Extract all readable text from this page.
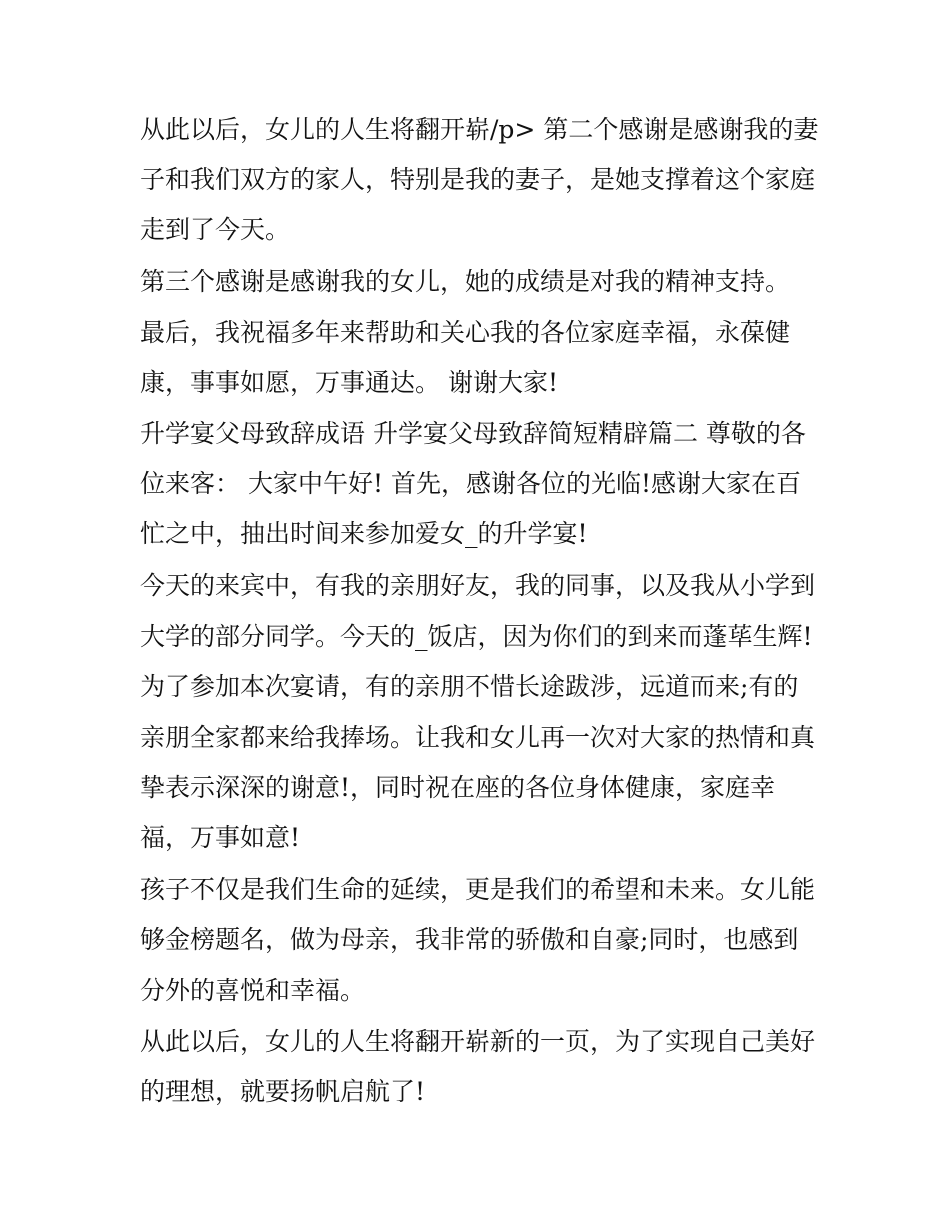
从此以后，女儿的人生将翻开崭/p> 第二个感谢是感谢我的妻
子和我们双方的家人，特别是我的妻子，是她支撑着这个家庭
走到了今天。
第三个感谢是感谢我的女儿，她的成绩是对我的精神支持。
最后，我祝福多年来帮助和关心我的各位家庭幸福，永葆健
康，事事如愿，万事通达。 谢谢大家!
升学宴父母致辞成语 升学宴父母致辞简短精辟篇二 尊敬的各
位来客： 大家中午好! 首先，感谢各位的光临!感谢大家在百
忙之中，抽出时间来参加爱女_的升学宴!
今天的来宾中，有我的亲朋好友，我的同事，以及我从小学到
大学的部分同学。今天的_饭店，因为你们的到来而蓬荜生辉!
为了参加本次宴请，有的亲朋不惜长途跋涉，远道而来;有的
亲朋全家都来给我捧场。让我和女儿再一次对大家的热情和真
挚表示深深的谢意!，同时祝在座的各位身体健康，家庭幸
福，万事如意!
孩子不仅是我们生命的延续，更是我们的希望和未来。女儿能
够金榜题名，做为母亲，我非常的骄傲和自豪;同时，也感到
分外的喜悦和幸福。
从此以后，女儿的人生将翻开崭新的一页，为了实现自己美好
的理想，就要扬帆启航了!
